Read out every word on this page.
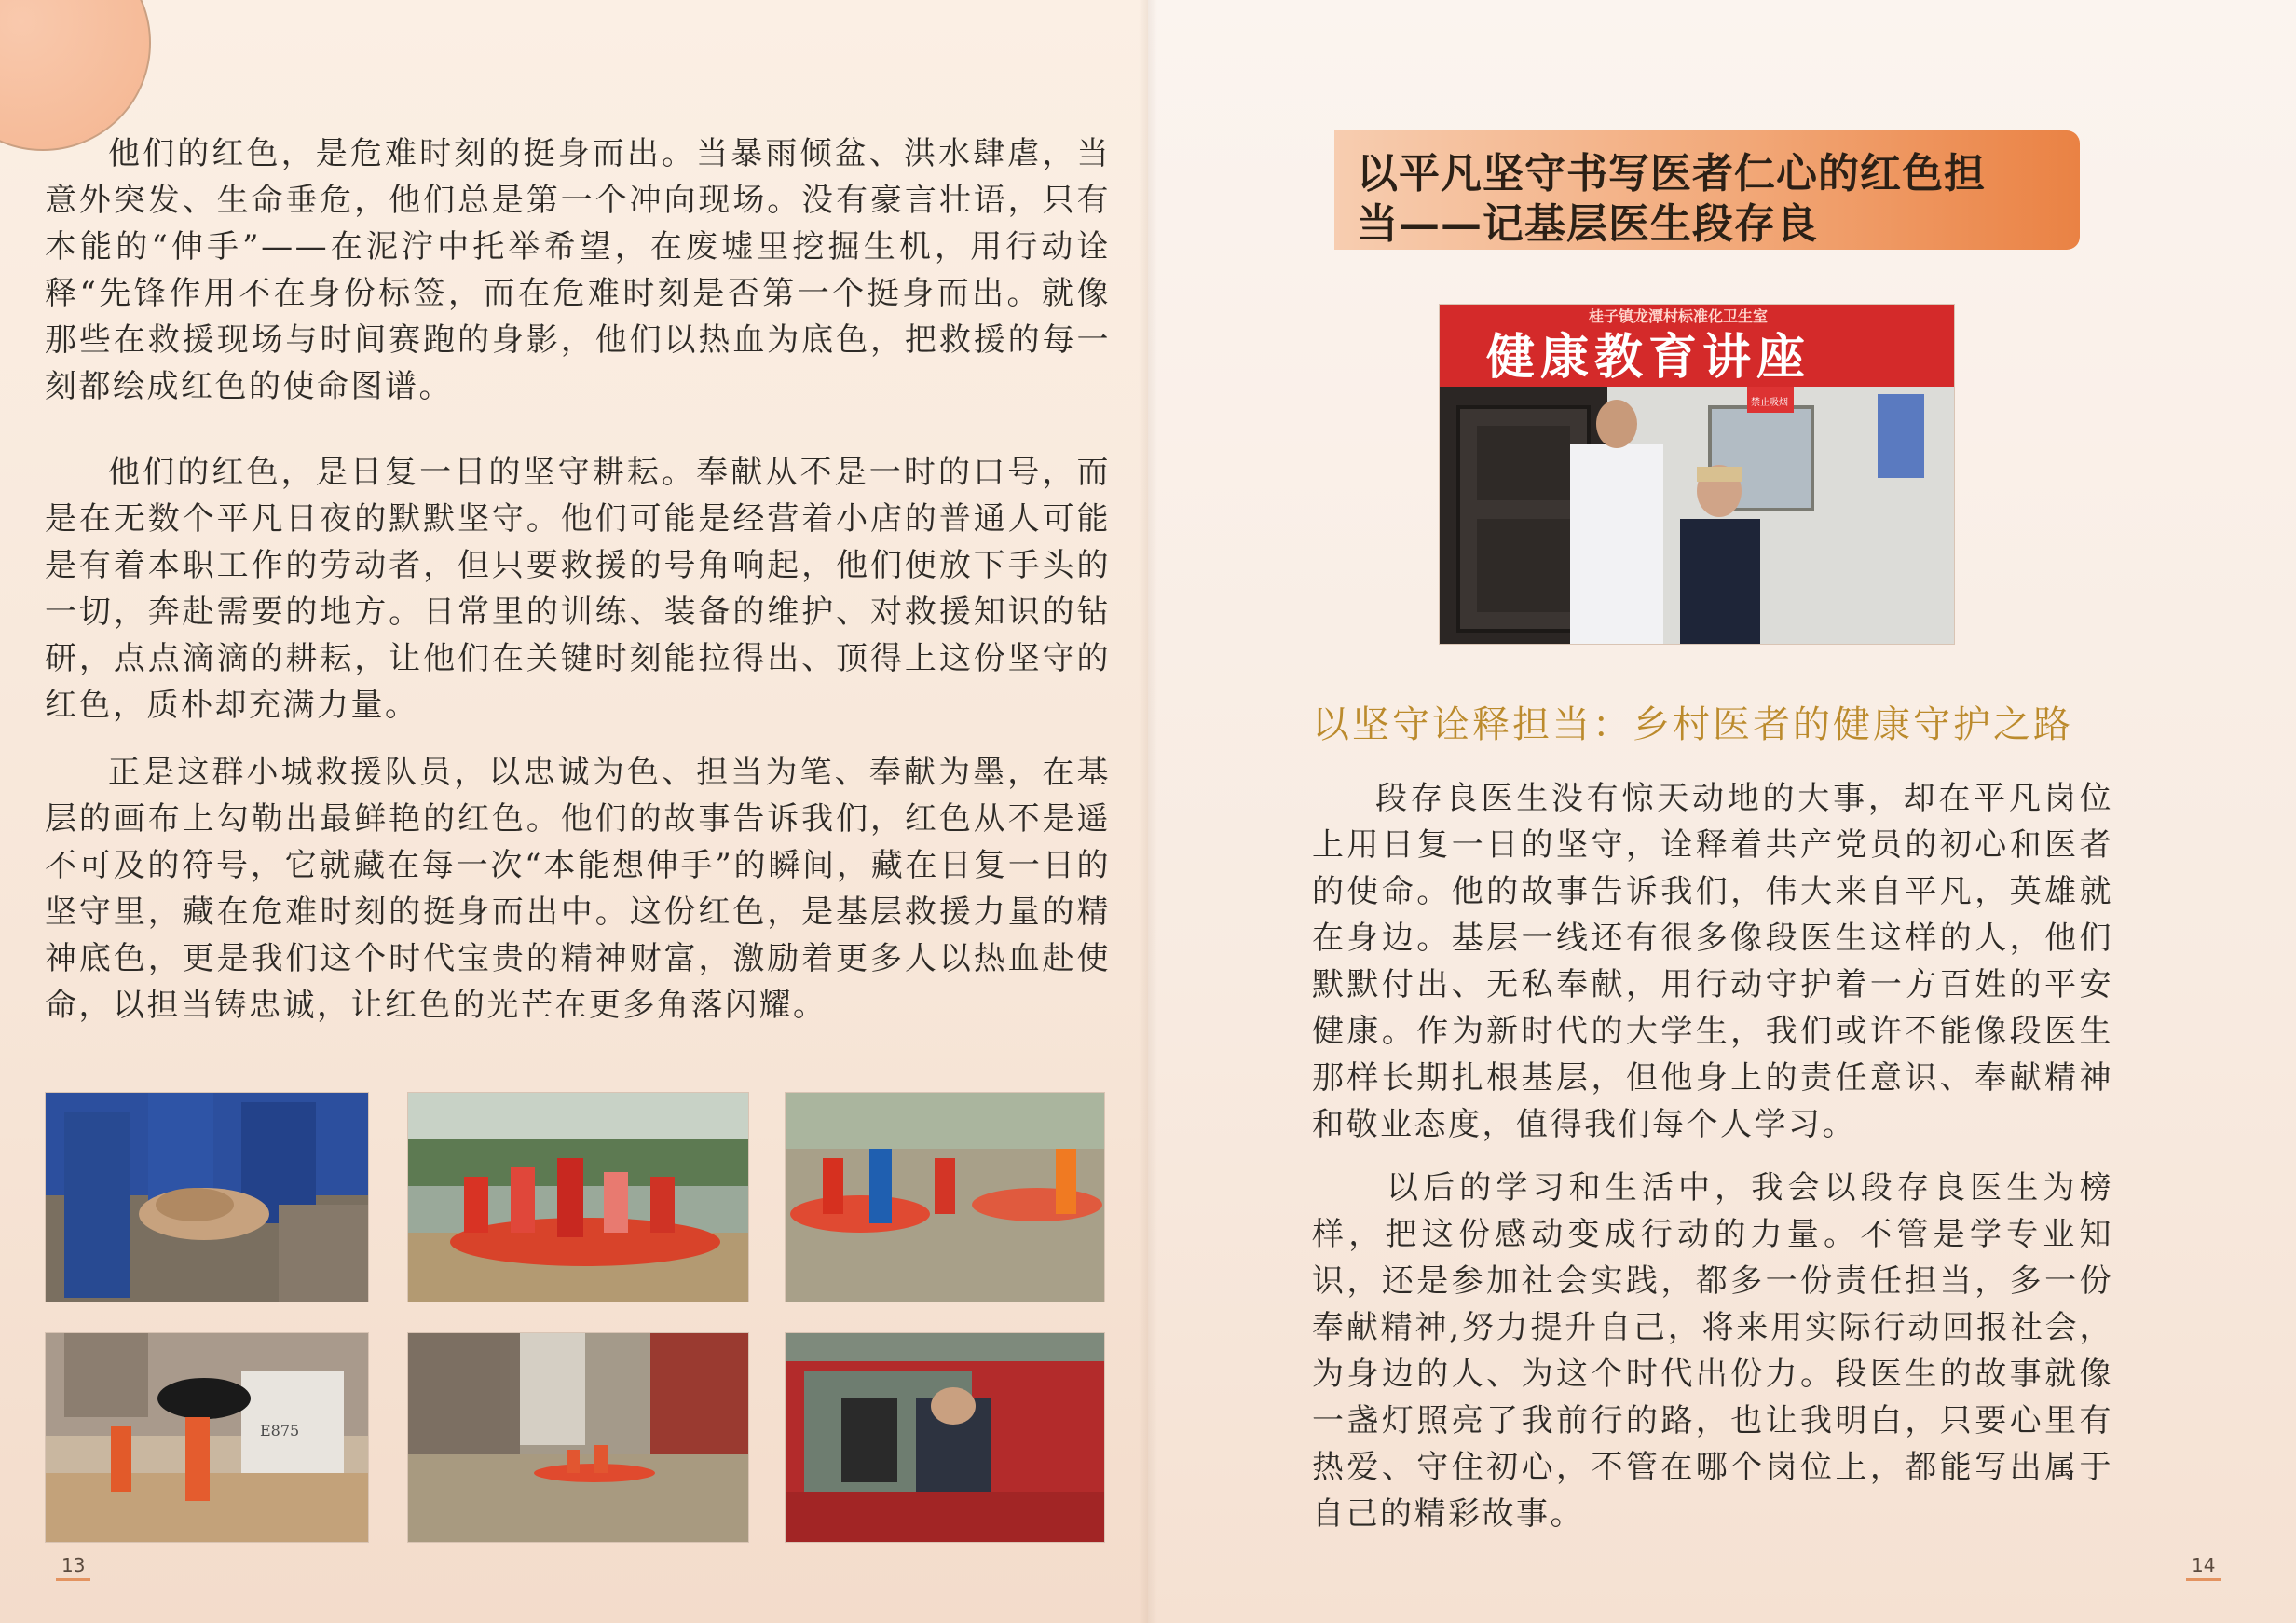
他们的红色，是危难时刻的挺身而出。当暴雨倾盆、洪水肆虐，当意外突发、生命垂危，他们总是第一个冲向现场。没有豪言壮语，只有本能的“伸手”——在泥泞中托举希望，在废墟里挖掘生机，用行动诠释“先锋作用不在身份标签，而在危难时刻是否第一个挺身而出。就像那些在救援现场与时间赛跑的身影，他们以热血为底色，把救援的每一刻都绘成红色的使命图谱。

他们的红色，是日复一日的坚守耕耘。奉献从不是一时的口号，而是在无数个平凡日夜的默默坚守。他们可能是经营着小店的普通人可能是有着本职工作的劳动者，但只要救援的号角响起，他们便放下手头的一切，奔赴需要的地方。日常里的训练、装备的维护、对救援知识的钻研，点点滴滴的耕耘，让他们在关键时刻能拉得出、顶得上这份坚守的红色，质朴却充满力量。

正是这群小城救援队员，以忠诚为色、担当为笔、奉献为墨，在基层的画布上勾勒出最鲜艳的红色。他们的故事告诉我们，红色从不是遥不可及的符号，它就藏在每一次“本能想伸手”的瞬间，藏在日复一日的坚守里，藏在危难时刻的挺身而出中。这份红色，是基层救援力量的精神底色，更是我们这个时代宝贵的精神财富，激励着更多人以热血赴使命，以担当铸忠诚，让红色的光芒在更多角落闪耀。

E875
13

以平凡坚守书写医者仁心的红色担

当——记基层医生段存良

桂子镇龙潭村标准化卫生室
健康教育讲座
禁止吸烟

以坚守诠释担当：乡村医者的健康守护之路

段存良医生没有惊天动地的大事，却在平凡岗位上用日复一日的坚守，诠释着共产党员的初心和医者的使命。他的故事告诉我们，伟大来自平凡，英雄就在身边。基层一线还有很多像段医生这样的人，他们默默付出、无私奉献，用行动守护着一方百姓的平安健康。作为新时代的大学生，我们或许不能像段医生那样长期扎根基层，但他身上的责任意识、奉献精神和敬业态度，值得我们每个人学习。

以后的学习和生活中，我会以段存良医生为榜样，把这份感动变成行动的力量。不管是学专业知识，还是参加社会实践，都多一份责任担当，多一份奉献精神,努力提升自己，将来用实际行动回报社会，为身边的人、为这个时代出份力。段医生的故事就像一盏灯照亮了我前行的路，也让我明白，只要心里有热爱、守住初心，不管在哪个岗位上，都能写出属于自己的精彩故事。

14
